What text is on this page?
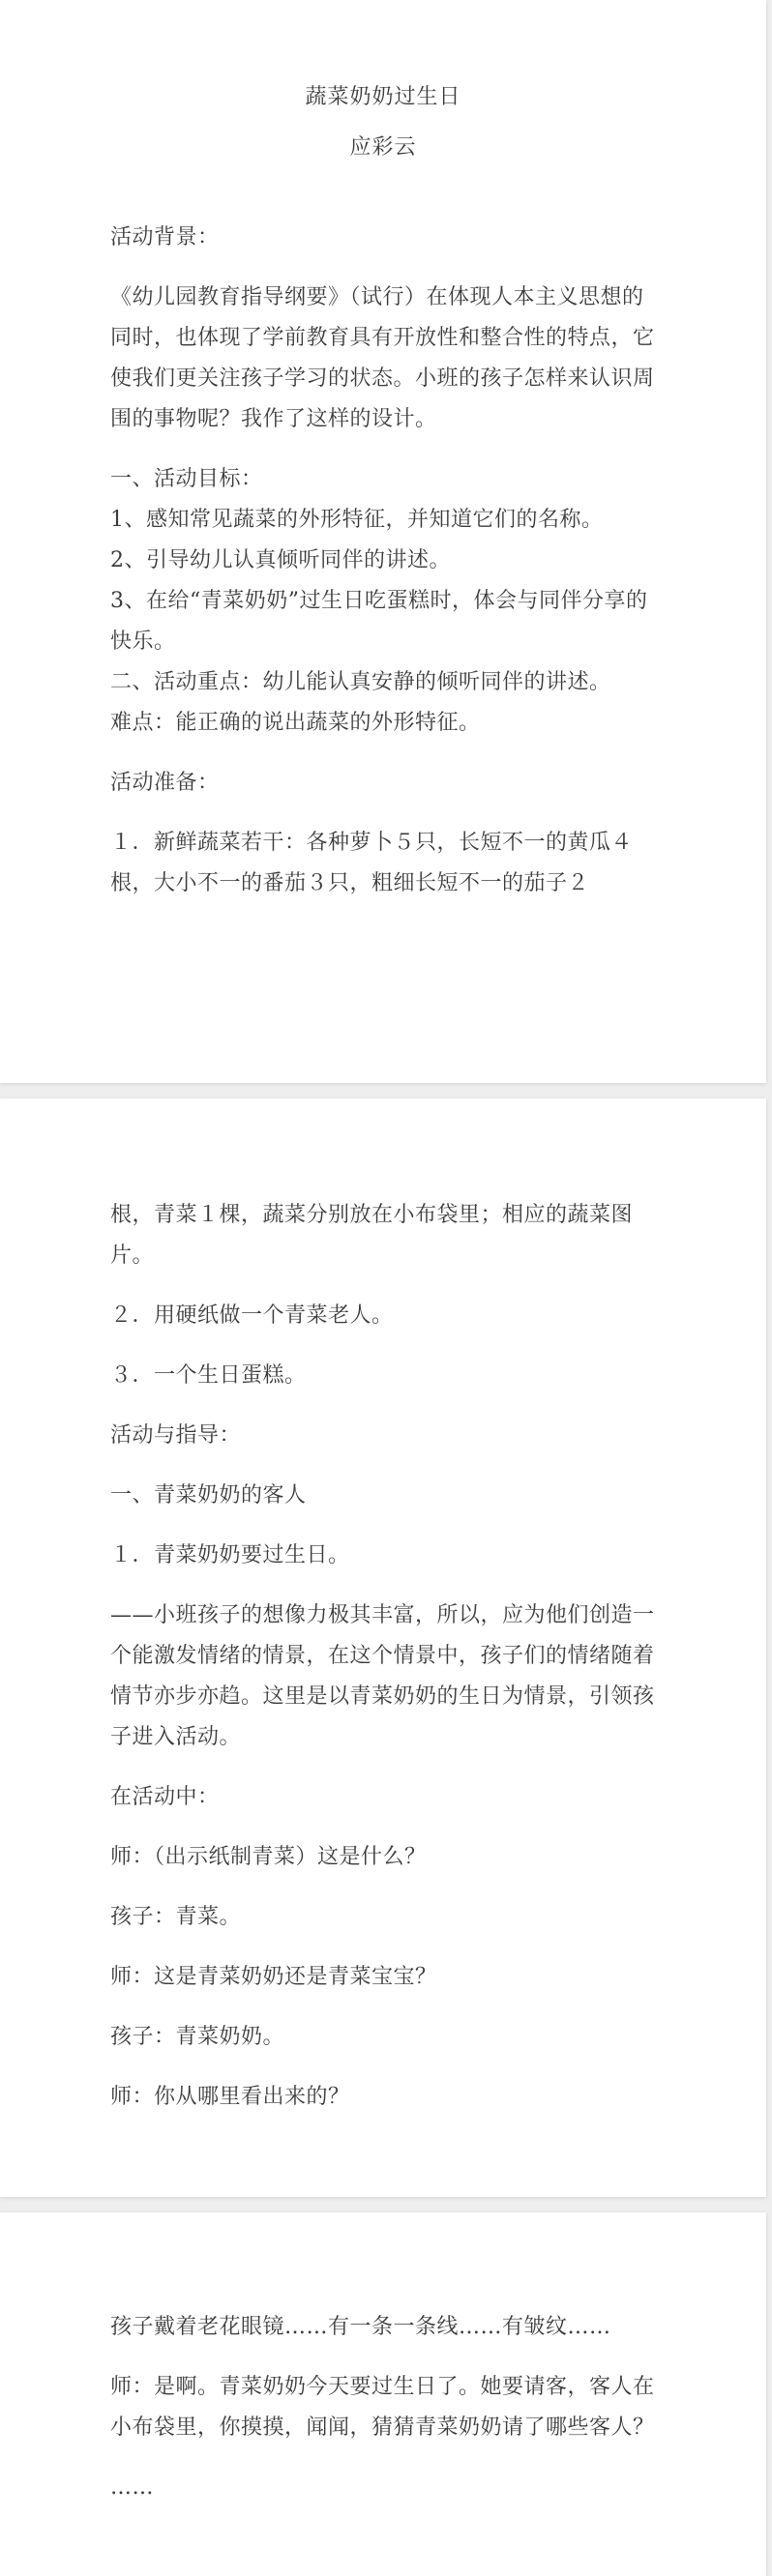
蔬菜奶奶过生日
应彩云

活动背景：

《幼儿园教育指导纲要》（试行）在体现人本主义思想的同时，也体现了学前教育具有开放性和整合性的特点，它使我们更关注孩子学习的状态。小班的孩子怎样来认识周围的事物呢？我作了这样的设计。

一、活动目标：

1、感知常见蔬菜的外形特征，并知道它们的名称。

2、引导幼儿认真倾听同伴的讲述。

3、在给“青菜奶奶”过生日吃蛋糕时，体会与同伴分享的快乐。

二、活动重点：幼儿能认真安静的倾听同伴的讲述。

难点：能正确的说出蔬菜的外形特征。

活动准备：

１．新鲜蔬菜若干：各种萝卜５只，长短不一的黄瓜４根，大小不一的番茄３只，粗细长短不一的茄子２

根，青菜１棵，蔬菜分别放在小布袋里；相应的蔬菜图片。

２．用硬纸做一个青菜老人。

３．一个生日蛋糕。

活动与指导：

一、青菜奶奶的客人

１．青菜奶奶要过生日。

——小班孩子的想像力极其丰富，所以，应为他们创造一个能激发情绪的情景，在这个情景中，孩子们的情绪随着情节亦步亦趋。这里是以青菜奶奶的生日为情景，引领孩子进入活动。

在活动中：

师：（出示纸制青菜）这是什么？

孩子：青菜。

师：这是青菜奶奶还是青菜宝宝？

孩子：青菜奶奶。

师：你从哪里看出来的？

孩子戴着老花眼镜……有一条一条线……有皱纹……

师：是啊。青菜奶奶今天要过生日了。她要请客，客人在小布袋里，你摸摸，闻闻，猜猜青菜奶奶请了哪些客人？

……
